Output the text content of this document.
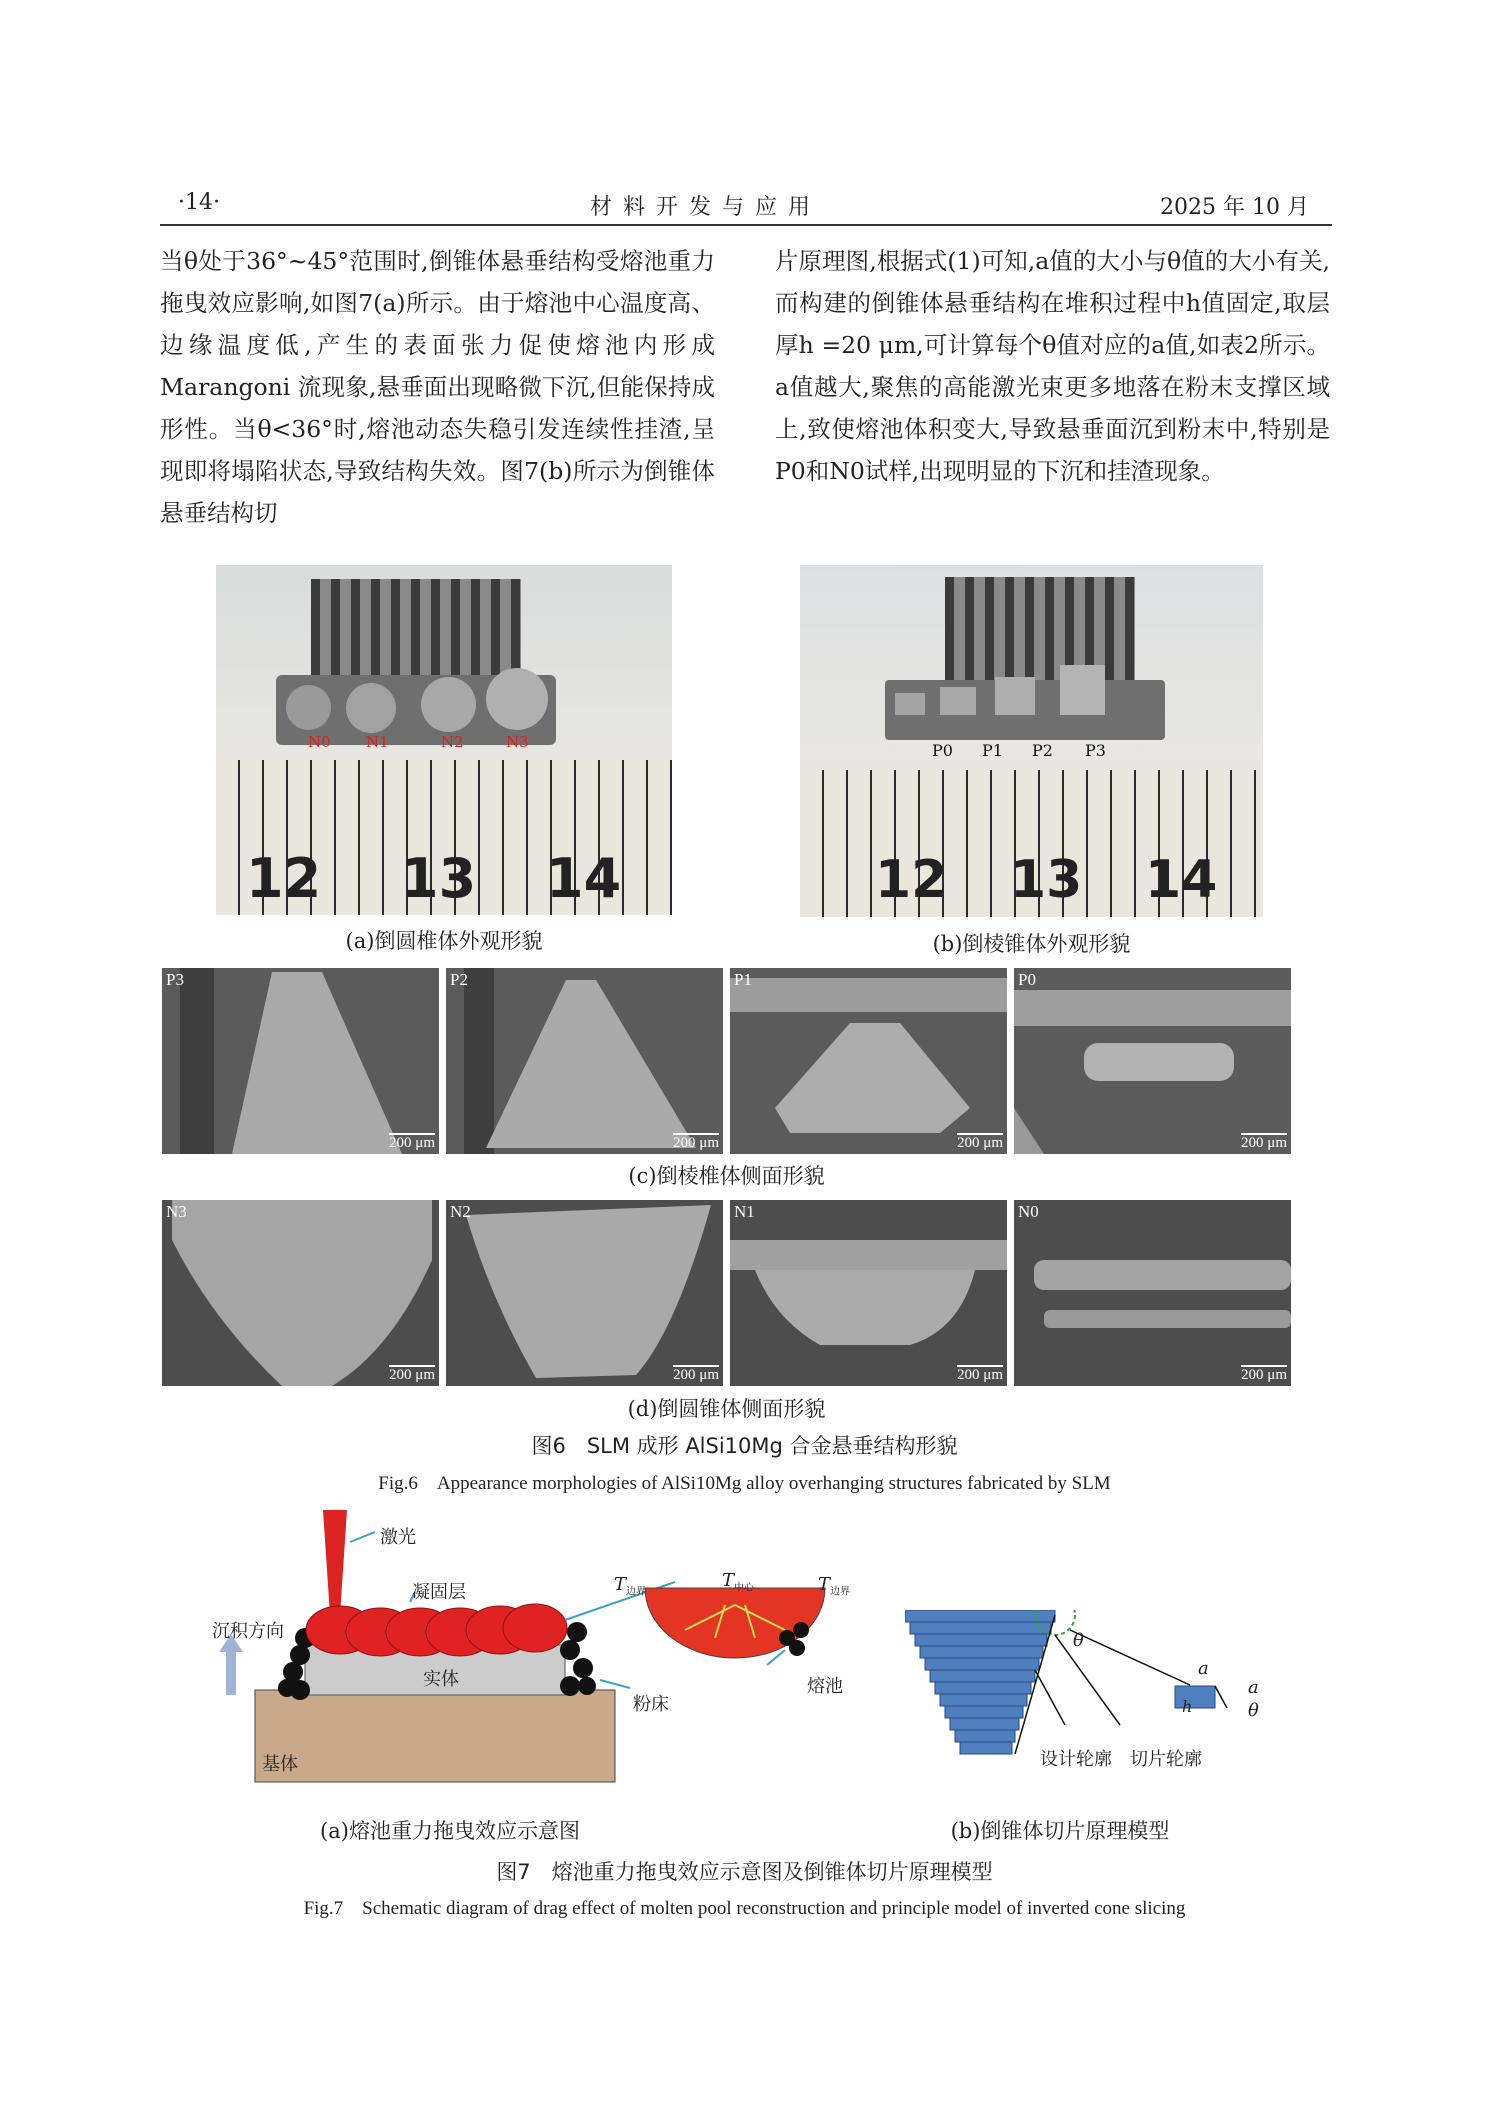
·14·	材 料 开 发 与 应 用	2025 年 10 月
当θ处于36°~45°范围时,倒锥体悬垂结构受熔池重力拖曳效应影响,如图7(a)所示。由于熔池中心温度高、边缘温度低,产生的表面张力促使熔池内形成 Marangoni 流现象,悬垂面出现略微下沉,但能保持成形性。当θ<36°时,熔池动态失稳引发连续性挂渣,呈现即将塌陷状态,导致结构失效。图7(b)所示为倒锥体悬垂结构切
片原理图,根据式(1)可知,a值的大小与θ值的大小有关,而构建的倒锥体悬垂结构在堆积过程中h值固定,取层厚h =20 μm,可计算每个θ值对应的a值,如表2所示。a值越大,聚焦的高能激光束更多地落在粉末支撑区域上,致使熔池体积变大,导致悬垂面沉到粉末中,特别是P0和N0试样,出现明显的下沉和挂渣现象。
N0 N1	N2	N3
12 13 14
(a)倒圆椎体外观形貌
P0 P1 P2 P3
12 13 14
(b)倒棱锥体外观形貌
P3
200 μm
P2
200 μm
P1
200 μm
P0
200 μm
(c)倒棱椎体侧面形貌
N3
200 μm
N2
200 μm
N1
200 μm
N0
200 μm
(d)倒圆锥体侧面形貌
图6　SLM 成形 AlSi10Mg 合金悬垂结构形貌
Fig.6　Appearance morphologies of AlSi10Mg alloy overhanging structures fabricated by SLM
激光
凝固层
沉积方向
实体
粉床
基体
$T_{边界}$
$T_{中心}$	$T_{边界}$
熔池
(a)熔池重力拖曳效应示意图
θ
a
a
h	θ
设计轮廓 切片轮廓
(b)倒锥体切片原理模型
图7　熔池重力拖曳效应示意图及倒锥体切片原理模型
Fig.7　Schematic diagram of drag effect of molten pool reconstruction and principle model of inverted cone slicing
